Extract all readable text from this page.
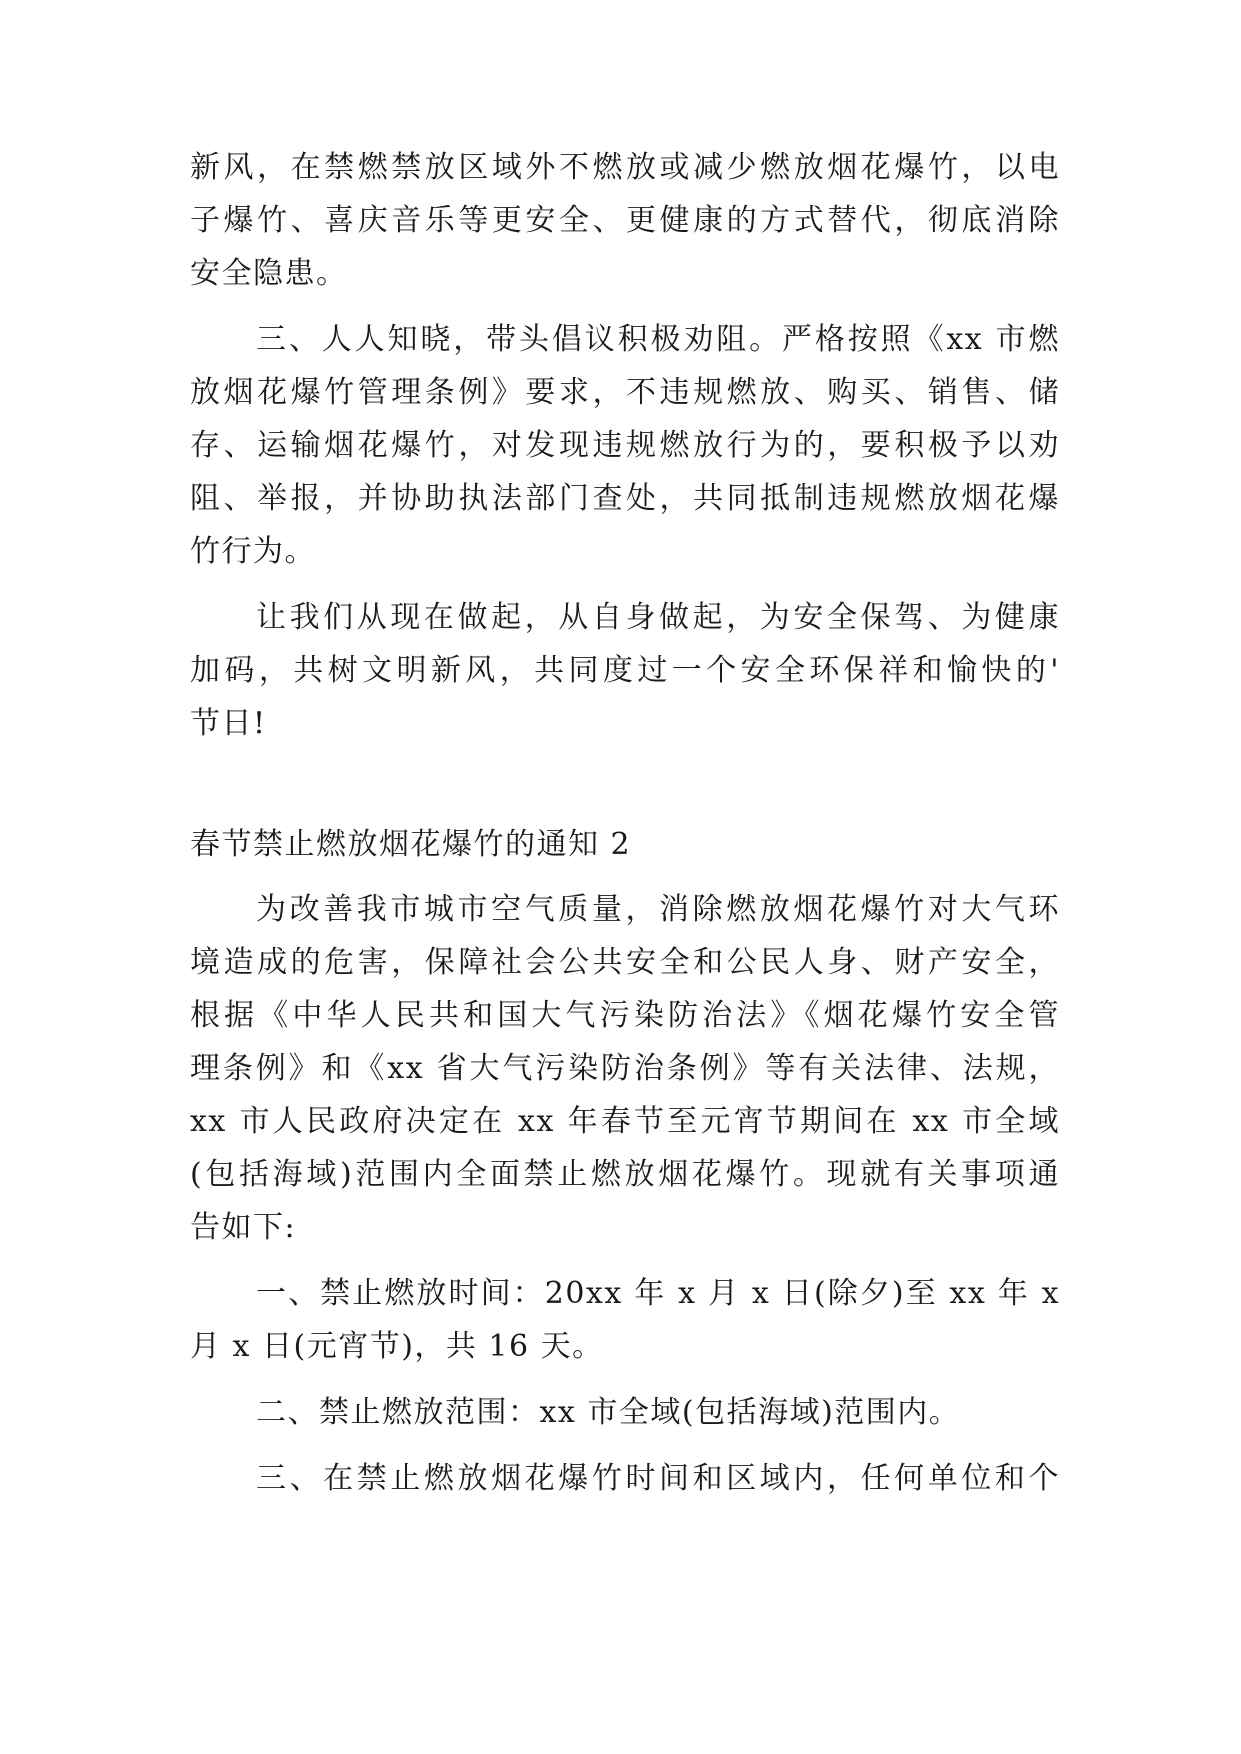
新风，在禁燃禁放区域外不燃放或减少燃放烟花爆竹，以电
子爆竹、喜庆音乐等更安全、更健康的方式替代，彻底消除
安全隐患。
三、人人知晓，带头倡议积极劝阻。严格按照《xx 市燃
放烟花爆竹管理条例》要求，不违规燃放、购买、销售、储
存、运输烟花爆竹，对发现违规燃放行为的，要积极予以劝
阻、举报，并协助执法部门查处，共同抵制违规燃放烟花爆
竹行为。
让我们从现在做起，从自身做起，为安全保驾、为健康
加码，共树文明新风，共同度过一个安全环保祥和愉快的'
节日!
春节禁止燃放烟花爆竹的通知 2
为改善我市城市空气质量，消除燃放烟花爆竹对大气环
境造成的危害，保障社会公共安全和公民人身、财产安全，
根据《中华人民共和国大气污染防治法》《烟花爆竹安全管
理条例》和《xx 省大气污染防治条例》等有关法律、法规，
xx 市人民政府决定在 xx 年春节至元宵节期间在 xx 市全域
(包括海域)范围内全面禁止燃放烟花爆竹。现就有关事项通
告如下:
一、禁止燃放时间：20xx 年 x 月 x 日(除夕)至 xx 年 x
月 x 日(元宵节)，共 16 天。
二、禁止燃放范围：xx 市全域(包括海域)范围内。
三、在禁止燃放烟花爆竹时间和区域内，任何单位和个
